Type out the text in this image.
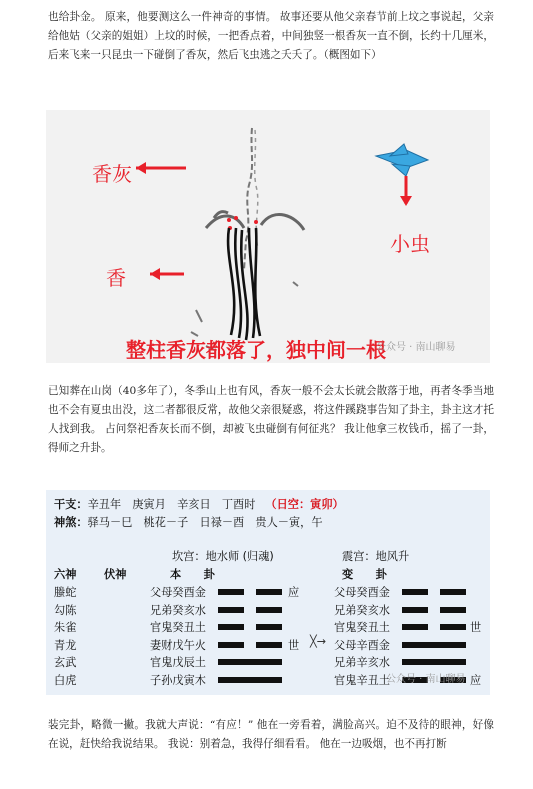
也给卦金。 原来，他要测这么一件神奇的事情。 故事还要从他父亲春节前上坟之事说起，父亲给他姑（父亲的姐姐）上坟的时候，一把香点着，中间独竖一根香灰一直不倒，长约十几厘米，后来飞来一只昆虫一下碰倒了香灰，然后飞虫逃之夭夭了。（概图如下）

香灰
香
小虫
整柱香灰都落了，独中间一根
公众号 · 南山聊易

已知葬在山岗（40多年了），冬季山上也有风，香灰一般不会太长就会散落于地，再者冬季当地也不会有夏虫出没，这二者都很反常，故他父亲很疑惑，将这件蹊跷事告知了卦主，卦主这才托人找到我。 占问祭祀香灰长而不倒，却被飞虫碰倒有何征兆？ 我让他拿三枚钱币，摇了一卦，得师之升卦。

干支：辛丑年　庚寅月　辛亥日　丁酉时 （日空：寅卯）
神煞：驿马－巳　桃花－子　日禄－酉　贵人－寅，午
坎宫：地水师 (归魂)	震宫：地风升
六神 伏神	本　　卦	变　　卦
螣蛇	父母癸酉金	应	父母癸酉金
勾陈	兄弟癸亥水	兄弟癸亥水
朱雀	官鬼癸丑土	官鬼癸丑土	世
青龙	妻财戊午火	世	父母辛酉金
玄武	官鬼戊辰土	兄弟辛亥水
白虎	子孙戊寅木	官鬼辛丑土	应
╳→
公众号 · 南山聊易

装完卦，略微一撇。我就大声说：“有应！” 他在一旁看着，满脸高兴。迫不及待的眼神，好像在说，赶快给我说结果。 我说：别着急，我得仔细看看。 他在一边吸烟，也不再打断
